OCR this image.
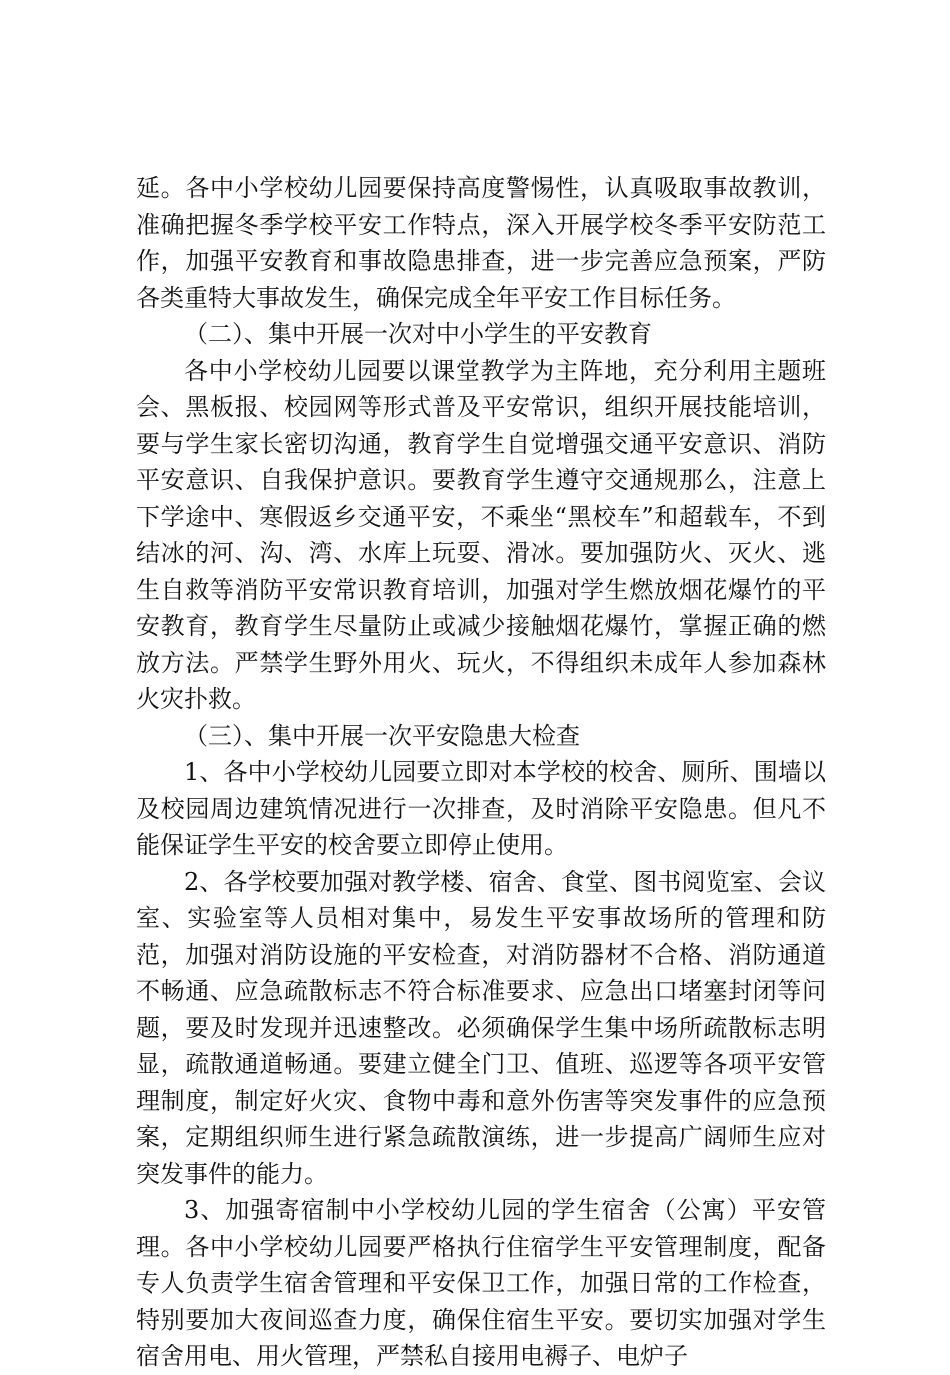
延。各中小学校幼儿园要保持高度警惕性，认真吸取事故教训，准确把握冬季学校平安工作特点，深入开展学校冬季平安防范工作，加强平安教育和事故隐患排查，进一步完善应急预案，严防各类重特大事故发生，确保完成全年平安工作目标任务。

（二）、集中开展一次对中小学生的平安教育

各中小学校幼儿园要以课堂教学为主阵地，充分利用主题班会、黑板报、校园网等形式普及平安常识，组织开展技能培训，要与学生家长密切沟通，教育学生自觉增强交通平安意识、消防平安意识、自我保护意识。要教育学生遵守交通规那么，注意上下学途中、寒假返乡交通平安，不乘坐“黑校车”和超载车，不到结冰的河、沟、湾、水库上玩耍、滑冰。要加强防火、灭火、逃生自救等消防平安常识教育培训，加强对学生燃放烟花爆竹的平安教育，教育学生尽量防止或减少接触烟花爆竹，掌握正确的燃放方法。严禁学生野外用火、玩火，不得组织未成年人参加森林火灾扑救。

（三）、集中开展一次平安隐患大检查

1、各中小学校幼儿园要立即对本学校的校舍、厕所、围墙以及校园周边建筑情况进行一次排查，及时消除平安隐患。但凡不能保证学生平安的校舍要立即停止使用。

2、各学校要加强对教学楼、宿舍、食堂、图书阅览室、会议室、实验室等人员相对集中，易发生平安事故场所的管理和防范，加强对消防设施的平安检查，对消防器材不合格、消防通道不畅通、应急疏散标志不符合标准要求、应急出口堵塞封闭等问题，要及时发现并迅速整改。必须确保学生集中场所疏散标志明显，疏散通道畅通。要建立健全门卫、值班、巡逻等各项平安管理制度，制定好火灾、食物中毒和意外伤害等突发事件的应急预案，定期组织师生进行紧急疏散演练，进一步提高广阔师生应对突发事件的能力。

3、加强寄宿制中小学校幼儿园的学生宿舍（公寓）平安管理。各中小学校幼儿园要严格执行住宿学生平安管理制度，配备专人负责学生宿舍管理和平安保卫工作，加强日常的工作检查，特别要加大夜间巡查力度，确保住宿生平安。要切实加强对学生宿舍用电、用火管理，严禁私自接用电褥子、电炉子
